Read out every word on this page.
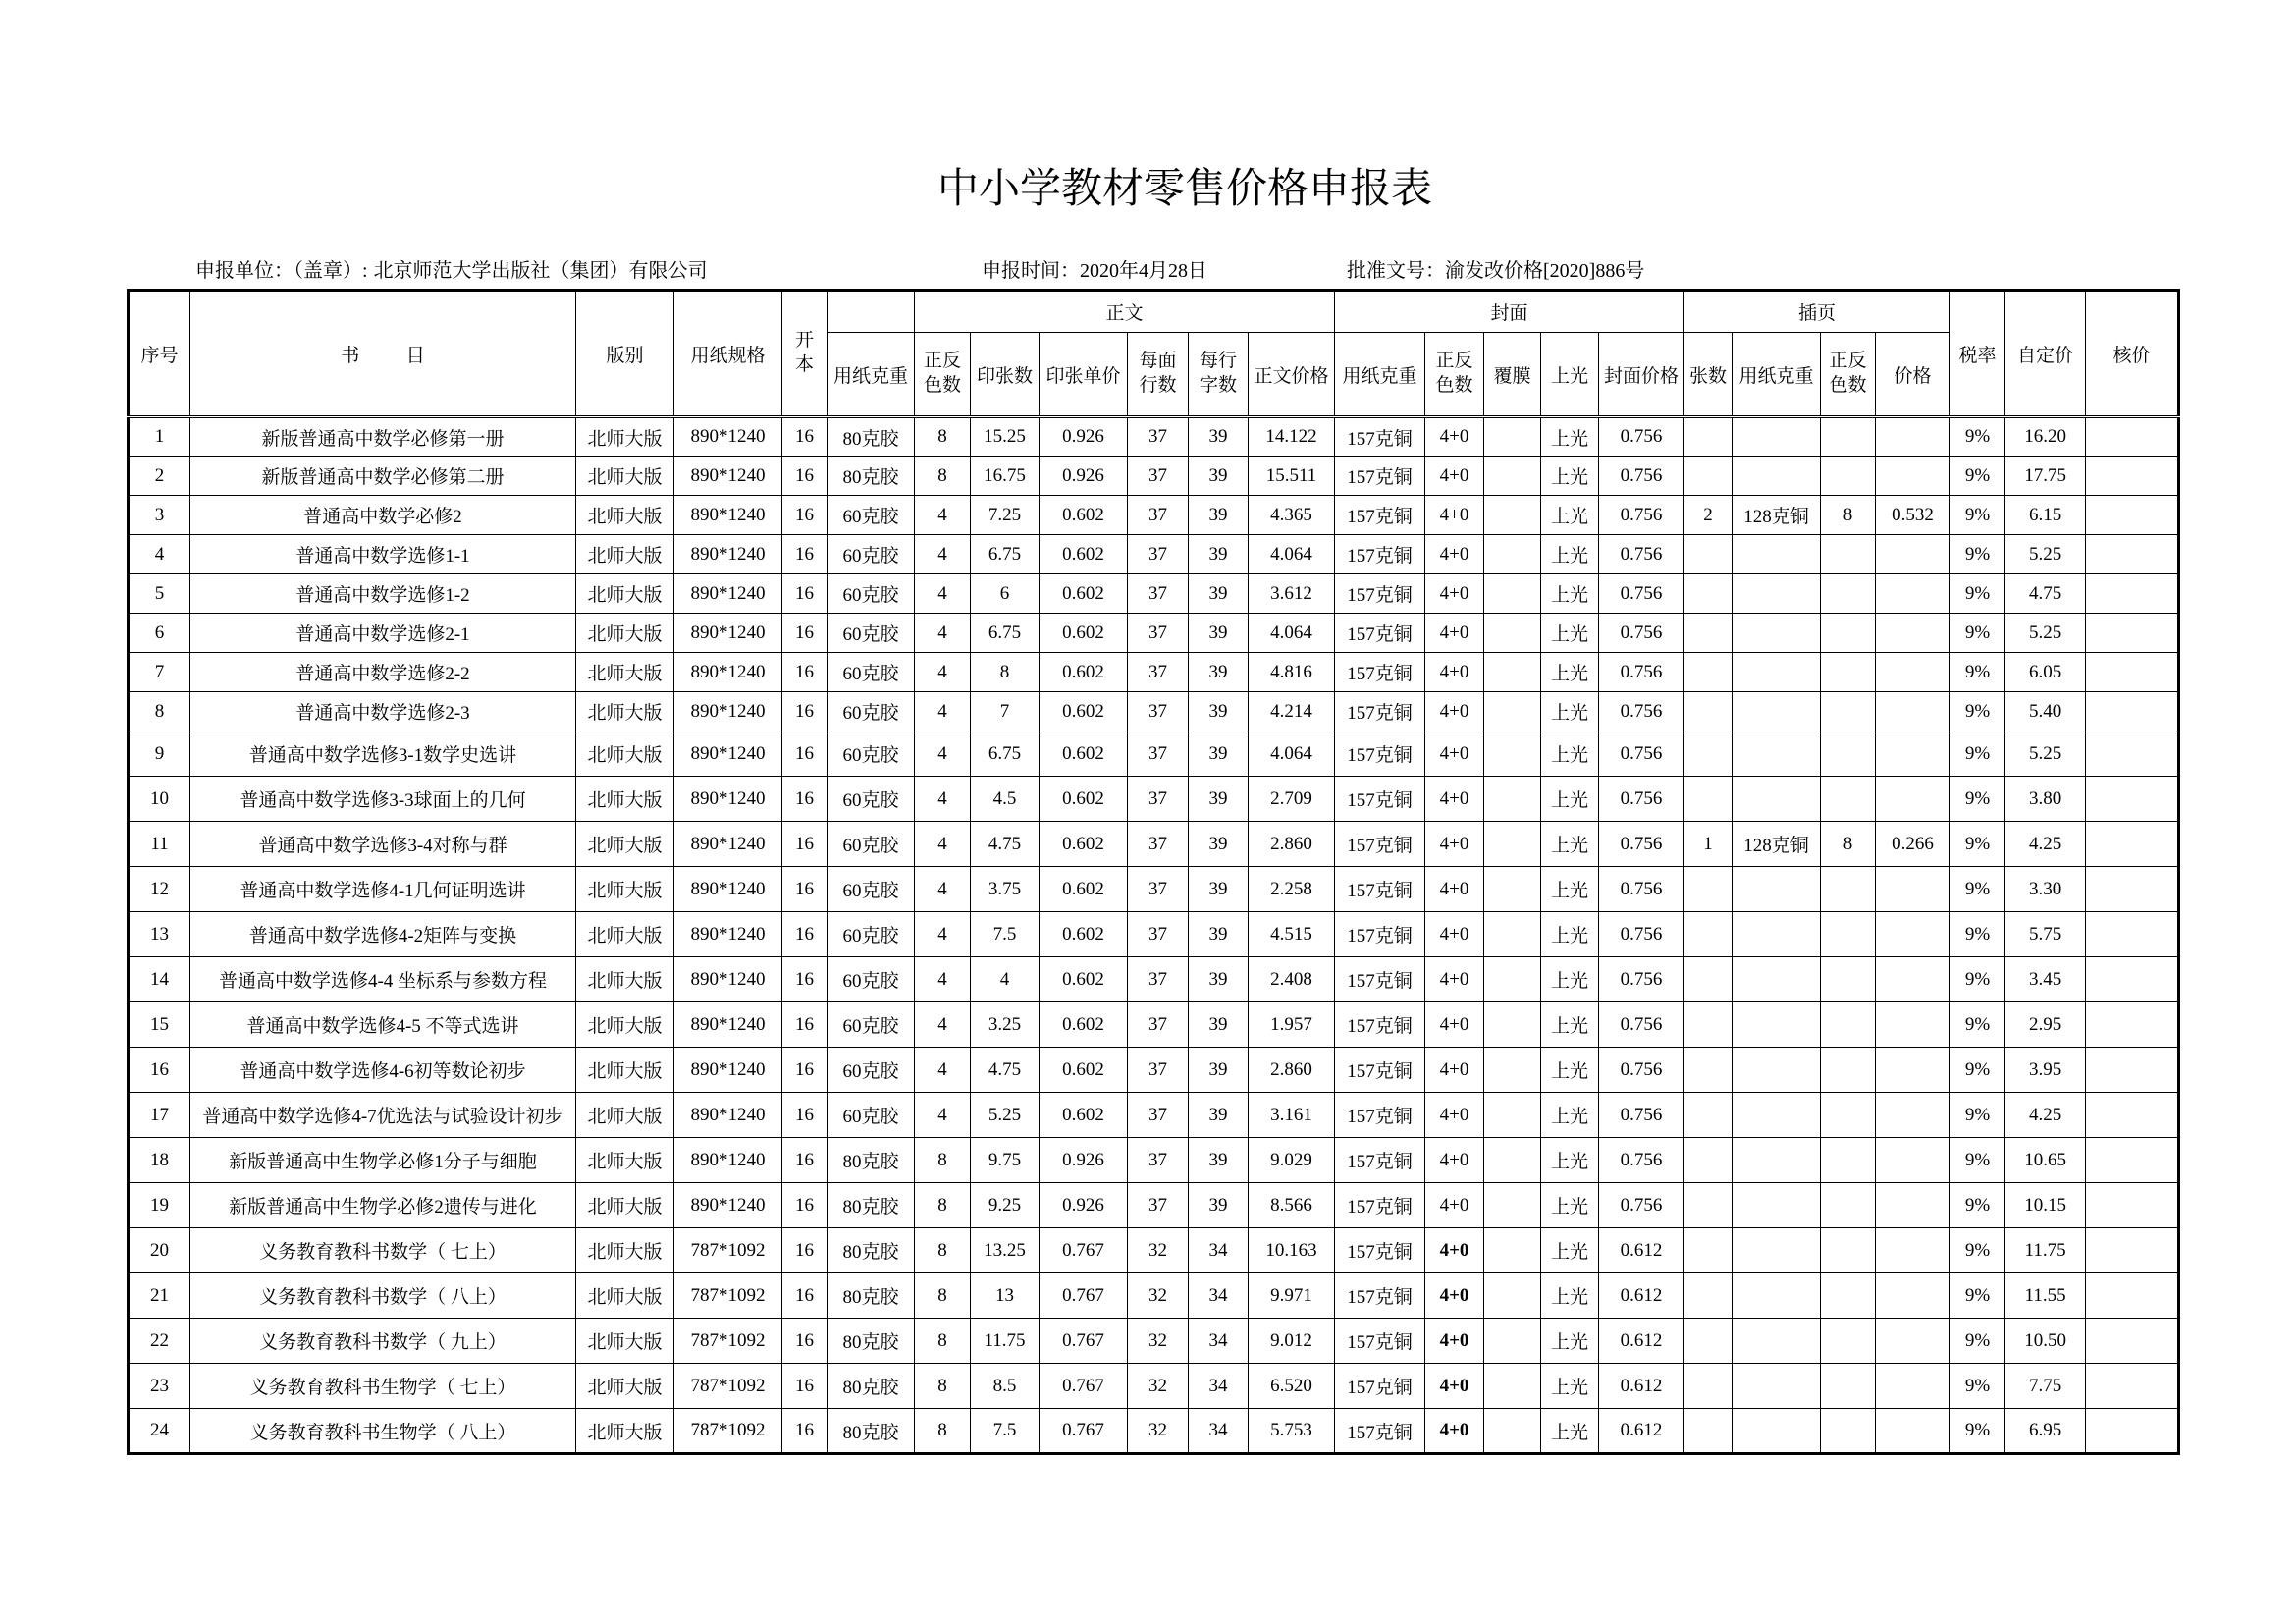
中小学教材零售价格申报表
申报单位：（盖章）: 北京师范大学出版社（集团）有限公司	申报时间：2020年4月28日	批准文号：渝发改价格[2020]886号
序号	书          目	版别	用纸规格	开本		正文						封面					插页				税率	自定价	核价
					用纸克重	正反色数	印张数	印张单价	每面行数	每行字数	正文价格	用纸克重	正反色数	覆膜	上光	封面价格	张数	用纸克重	正反色数	价格			
1	新版普通高中数学必修第一册	北师大版	890*1240	16	80克胶	8	15.25	0.926	37	39	14.122	157克铜	4+0		上光	0.756					9%	16.20	
2	新版普通高中数学必修第二册	北师大版	890*1240	16	80克胶	8	16.75	0.926	37	39	15.511	157克铜	4+0		上光	0.756					9%	17.75	
3	普通高中数学必修2	北师大版	890*1240	16	60克胶	4	7.25	0.602	37	39	4.365	157克铜	4+0		上光	0.756	2	128克铜	8	0.532	9%	6.15	
4	普通高中数学选修1-1	北师大版	890*1240	16	60克胶	4	6.75	0.602	37	39	4.064	157克铜	4+0		上光	0.756					9%	5.25	
5	普通高中数学选修1-2	北师大版	890*1240	16	60克胶	4	6	0.602	37	39	3.612	157克铜	4+0		上光	0.756					9%	4.75	
6	普通高中数学选修2-1	北师大版	890*1240	16	60克胶	4	6.75	0.602	37	39	4.064	157克铜	4+0		上光	0.756					9%	5.25	
7	普通高中数学选修2-2	北师大版	890*1240	16	60克胶	4	8	0.602	37	39	4.816	157克铜	4+0		上光	0.756					9%	6.05	
8	普通高中数学选修2-3	北师大版	890*1240	16	60克胶	4	7	0.602	37	39	4.214	157克铜	4+0		上光	0.756					9%	5.40	
9	普通高中数学选修3-1数学史选讲	北师大版	890*1240	16	60克胶	4	6.75	0.602	37	39	4.064	157克铜	4+0		上光	0.756					9%	5.25	
10	普通高中数学选修3-3球面上的几何	北师大版	890*1240	16	60克胶	4	4.5	0.602	37	39	2.709	157克铜	4+0		上光	0.756					9%	3.80	
11	普通高中数学选修3-4对称与群	北师大版	890*1240	16	60克胶	4	4.75	0.602	37	39	2.860	157克铜	4+0		上光	0.756	1	128克铜	8	0.266	9%	4.25	
12	普通高中数学选修4-1几何证明选讲	北师大版	890*1240	16	60克胶	4	3.75	0.602	37	39	2.258	157克铜	4+0		上光	0.756					9%	3.30	
13	普通高中数学选修4-2矩阵与变换	北师大版	890*1240	16	60克胶	4	7.5	0.602	37	39	4.515	157克铜	4+0		上光	0.756					9%	5.75	
14	普通高中数学选修4-4 坐标系与参数方程	北师大版	890*1240	16	60克胶	4	4	0.602	37	39	2.408	157克铜	4+0		上光	0.756					9%	3.45	
15	普通高中数学选修4-5 不等式选讲	北师大版	890*1240	16	60克胶	4	3.25	0.602	37	39	1.957	157克铜	4+0		上光	0.756					9%	2.95	
16	普通高中数学选修4-6初等数论初步	北师大版	890*1240	16	60克胶	4	4.75	0.602	37	39	2.860	157克铜	4+0		上光	0.756					9%	3.95	
17	普通高中数学选修4-7优选法与试验设计初步	北师大版	890*1240	16	60克胶	4	5.25	0.602	37	39	3.161	157克铜	4+0		上光	0.756					9%	4.25	
18	新版普通高中生物学必修1分子与细胞	北师大版	890*1240	16	80克胶	8	9.75	0.926	37	39	9.029	157克铜	4+0		上光	0.756					9%	10.65	
19	新版普通高中生物学必修2遗传与进化	北师大版	890*1240	16	80克胶	8	9.25	0.926	37	39	8.566	157克铜	4+0		上光	0.756					9%	10.15	
20	义务教育教科书数学（ 七上）	北师大版	787*1092	16	80克胶	8	13.25	0.767	32	34	10.163	157克铜	4+0		上光	0.612					9%	11.75	
21	义务教育教科书数学（ 八上）	北师大版	787*1092	16	80克胶	8	13	0.767	32	34	9.971	157克铜	4+0		上光	0.612					9%	11.55	
22	义务教育教科书数学（ 九上）	北师大版	787*1092	16	80克胶	8	11.75	0.767	32	34	9.012	157克铜	4+0		上光	0.612					9%	10.50	
23	义务教育教科书生物学（ 七上）	北师大版	787*1092	16	80克胶	8	8.5	0.767	32	34	6.520	157克铜	4+0		上光	0.612					9%	7.75	
24	义务教育教科书生物学（ 八上）	北师大版	787*1092	16	80克胶	8	7.5	0.767	32	34	5.753	157克铜	4+0		上光	0.612					9%	6.95	
